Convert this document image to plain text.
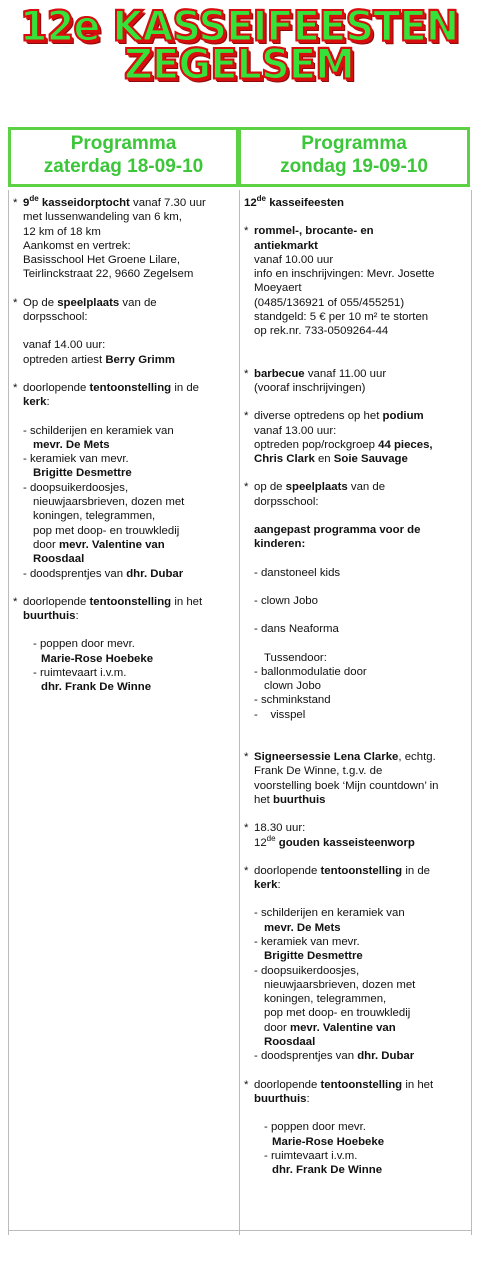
12e KASSEIFEESTEN
ZEGELSEM
Programma
zaterdag 18-09-10
Programma
zondag 19-09-10
* 9de kasseidorptocht vanaf 7.30 uur
met lussenwandeling van 6 km,
12 km of 18 km
Aankomst en vertrek:
Basisschool Het Groene Lilare,
Teirlinckstraat 22, 9660 Zegelsem
* Op de speelplaats van de
dorpsschool:
vanaf 14.00 uur:
optreden artiest Berry Grimm
* doorlopende tentoonstelling in de
kerk:
- schilderijen en keramiek van
mevr. De Mets
- keramiek van mevr.
Brigitte Desmettre
- doopsuikerdoosjes,
nieuwjaarsbrieven, dozen met
koningen, telegrammen,
pop met doop- en trouwkledij
door mevr. Valentine van
Roosdaal
- doodsprentjes van dhr. Dubar
* doorlopende tentoonstelling in het
buurthuis:
- poppen door mevr.
Marie-Rose Hoebeke
- ruimtevaart i.v.m.
dhr. Frank De Winne
12de kasseifeesten
* rommel-, brocante- en
antiekmarkt
vanaf 10.00 uur
info en inschrijvingen: Mevr. Josette
Moeyaert
(0485/136921 of 055/455251)
standgeld: 5 € per 10 m² te storten
op rek.nr. 733-0509264-44
* barbecue vanaf 11.00 uur
(vooraf inschrijvingen)
* diverse optredens op het podium
vanaf 13.00 uur:
optreden pop/rockgroep 44 pieces,
Chris Clark en Soie Sauvage
* op de speelplaats van de
dorpsschool:
aangepast programma voor de
kinderen:
- danstoneel kids
- clown Jobo
- dans Neaforma
Tussendoor:
- ballonmodulatie door
clown Jobo
- schminkstand
-    visspel
* Signeersessie Lena Clarke, echtg.
Frank De Winne, t.g.v. de
voorstelling boek ‘Mijn countdown’ in
het buurthuis
* 18.30 uur:
12de gouden kasseisteenworp
* doorlopende tentoonstelling in de
kerk:
- schilderijen en keramiek van
mevr. De Mets
- keramiek van mevr.
Brigitte Desmettre
- doopsuikerdoosjes,
nieuwjaarsbrieven, dozen met
koningen, telegrammen,
pop met doop- en trouwkledij
door mevr. Valentine van
Roosdaal
- doodsprentjes van dhr. Dubar
* doorlopende tentoonstelling in het
buurthuis:
- poppen door mevr.
Marie-Rose Hoebeke
- ruimtevaart i.v.m.
dhr. Frank De Winne
